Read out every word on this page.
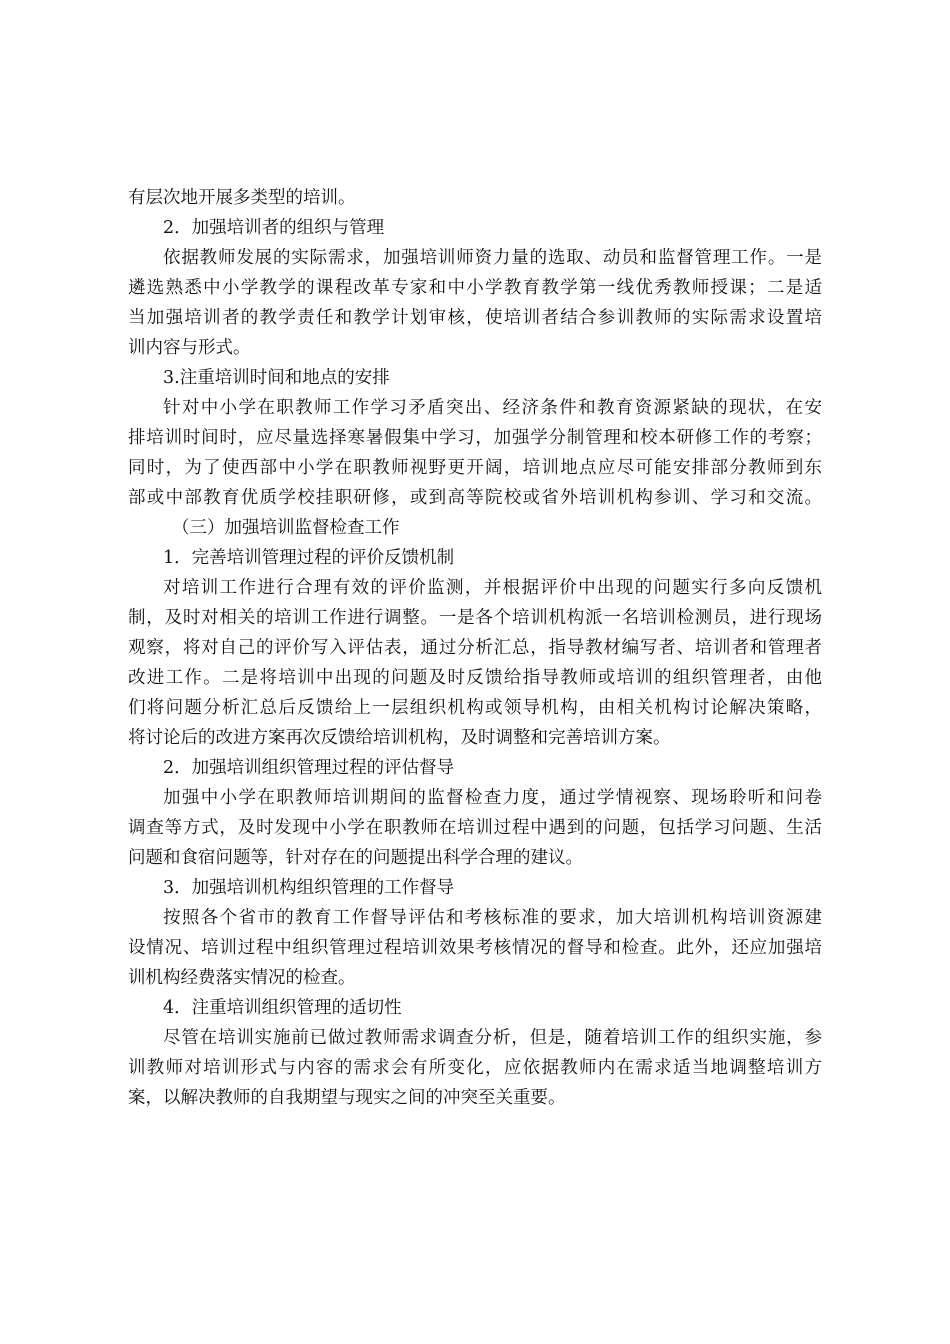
有层次地开展多类型的培训。
2．加强培训者的组织与管理
依据教师发展的实际需求，加强培训师资力量的选取、动员和监督管理工作。一是
遴选熟悉中小学教学的课程改革专家和中小学教育教学第一线优秀教师授课；二是适
当加强培训者的教学责任和教学计划审核，使培训者结合参训教师的实际需求设置培
训内容与形式。
3.注重培训时间和地点的安排
针对中小学在职教师工作学习矛盾突出、经济条件和教育资源紧缺的现状，在安
排培训时间时，应尽量选择寒暑假集中学习，加强学分制管理和校本研修工作的考察；
同时，为了使西部中小学在职教师视野更开阔，培训地点应尽可能安排部分教师到东
部或中部教育优质学校挂职研修，或到高等院校或省外培训机构参训、学习和交流。
（三）加强培训监督检查工作
1．完善培训管理过程的评价反馈机制
对培训工作进行合理有效的评价监测，并根据评价中出现的问题实行多向反馈机
制，及时对相关的培训工作进行调整。一是各个培训机构派一名培训检测员，进行现场
观察，将对自己的评价写入评估表，通过分析汇总，指导教材编写者、培训者和管理者
改进工作。二是将培训中出现的问题及时反馈给指导教师或培训的组织管理者，由他
们将问题分析汇总后反馈给上一层组织机构或领导机构，由相关机构讨论解决策略，
将讨论后的改进方案再次反馈给培训机构，及时调整和完善培训方案。
2．加强培训组织管理过程的评估督导
加强中小学在职教师培训期间的监督检查力度，通过学情视察、现场聆听和问卷
调查等方式，及时发现中小学在职教师在培训过程中遇到的问题，包括学习问题、生活
问题和食宿问题等，针对存在的问题提出科学合理的建议。
3．加强培训机构组织管理的工作督导
按照各个省市的教育工作督导评估和考核标准的要求，加大培训机构培训资源建
设情况、培训过程中组织管理过程培训效果考核情况的督导和检查。此外，还应加强培
训机构经费落实情况的检查。
4．注重培训组织管理的适切性
尽管在培训实施前已做过教师需求调查分析，但是，随着培训工作的组织实施，参
训教师对培训形式与内容的需求会有所变化，应依据教师内在需求适当地调整培训方
案，以解决教师的自我期望与现实之间的冲突至关重要。
